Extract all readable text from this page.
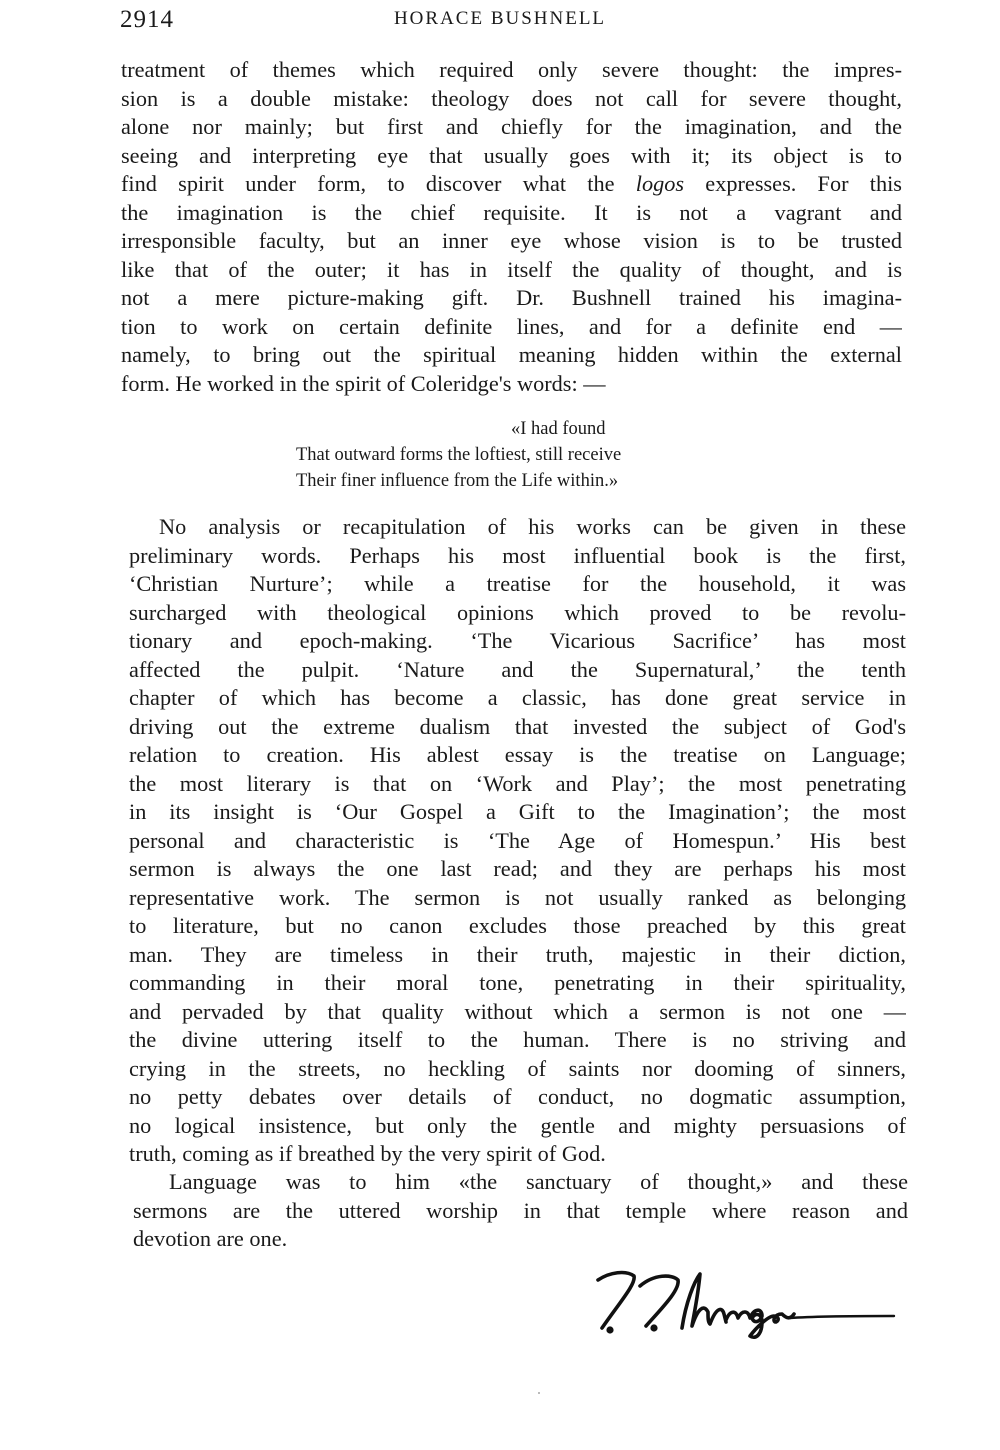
2914	HORACE BUSHNELL
treatment of themes which required only severe thought: the impres-
sion is a double mistake: theology does not call for severe thought,
alone nor mainly; but first and chiefly for the imagination, and the
seeing and interpreting eye that usually goes with it; its object is to
find spirit under form, to discover what the logos expresses. For this
the imagination is the chief requisite. It is not a vagrant and
irresponsible faculty, but an inner eye whose vision is to be trusted
like that of the outer; it has in itself the quality of thought, and is
not a mere picture-making gift. Dr. Bushnell trained his imagina-
tion to work on certain definite lines, and for a definite end —
namely, to bring out the spiritual meaning hidden within the external
form. He worked in the spirit of Coleridge's words: —
«I had found
That outward forms the loftiest, still receive
Their finer influence from the Life within.»
No analysis or recapitulation of his works can be given in these
preliminary words. Perhaps his most influential book is the first,
‘Christian Nurture’; while a treatise for the household, it was
surcharged with theological opinions which proved to be revolu-
tionary and epoch-making. ‘The Vicarious Sacrifice’ has most
affected the pulpit. ‘Nature and the Supernatural,’ the tenth
chapter of which has become a classic, has done great service in
driving out the extreme dualism that invested the subject of God's
relation to creation. His ablest essay is the treatise on Language;
the most literary is that on ‘Work and Play’; the most penetrating
in its insight is ‘Our Gospel a Gift to the Imagination’; the most
personal and characteristic is ‘The Age of Homespun.’ His best
sermon is always the one last read; and they are perhaps his most
representative work. The sermon is not usually ranked as belonging
to literature, but no canon excludes those preached by this great
man. They are timeless in their truth, majestic in their diction,
commanding in their moral tone, penetrating in their spirituality,
and pervaded by that quality without which a sermon is not one —
the divine uttering itself to the human. There is no striving and
crying in the streets, no heckling of saints nor dooming of sinners,
no petty debates over details of conduct, no dogmatic assumption,
no logical insistence, but only the gentle and mighty persuasions of
truth, coming as if breathed by the very spirit of God.
Language was to him «the sanctuary of thought,» and these
sermons are the uttered worship in that temple where reason and
devotion are one.
